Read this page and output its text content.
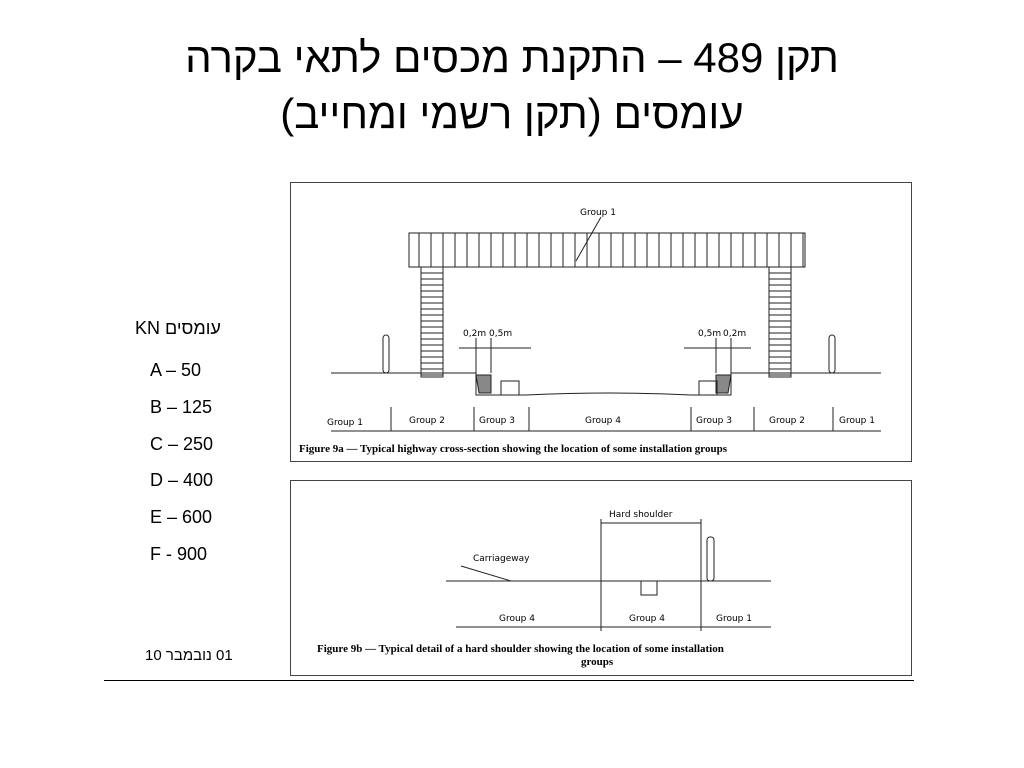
תקן 489 – התקנת מכסים לתאי בקרה
עומסים (תקן רשמי ומחייב)
KN עומסים
A – 50
B – 125
C – 250
D – 400
E – 600
F - 900
01 נובמבר 10
Group 1
0,2m 0,5m	0,5m 0,2m
Group 1	Group 2	Group 3	Group 4	Group 3	Group 2	Group 1
Figure 9a — Typical highway cross-section showing the location of some installation groups
Hard shoulder
Carriageway
Group 4	Group 4	Group 1
Figure 9b — Typical detail of a hard shoulder showing the location of some installation
groups
